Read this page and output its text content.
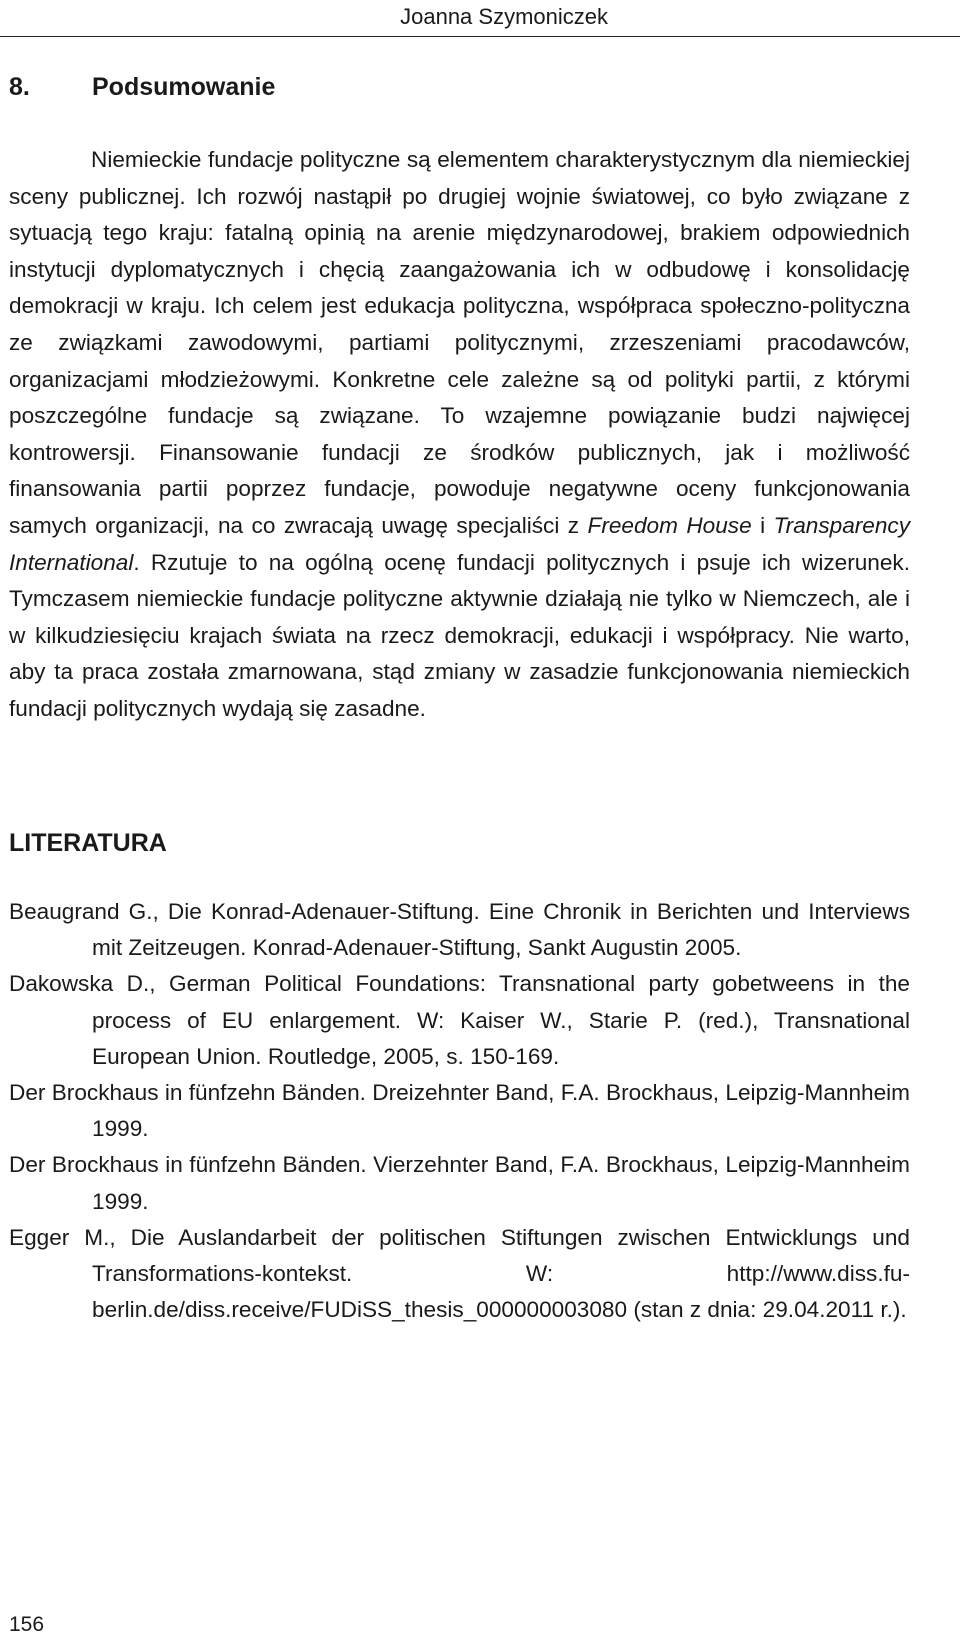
Joanna Szymoniczek
8. Podsumowanie

Niemieckie fundacje polityczne są elementem charakterystycznym dla niemieckiej sceny publicznej. Ich rozwój nastąpił po drugiej wojnie światowej, co było związane z sytuacją tego kraju: fatalną opinią na arenie międzynarodowej, brakiem odpowiednich instytucji dyplomatycznych i chęcią zaangażowania ich w odbudowę i konsolidację demokracji w kraju. Ich celem jest edukacja polityczna, współpraca społeczno-polityczna ze związkami zawodowymi, partiami politycznymi, zrzeszeniami pracodawców, organizacjami młodzieżowymi. Konkretne cele zależne są od polityki partii, z którymi poszczególne fundacje są związane. To wzajemne powiązanie budzi najwięcej kontrowersji. Finansowanie fundacji ze środków publicznych, jak i możliwość finansowania partii poprzez fundacje, powoduje negatywne oceny funkcjonowania samych organizacji, na co zwracają uwagę specjaliści z Freedom House i Transparency International. Rzutuje to na ogólną ocenę fundacji politycznych i psuje ich wizerunek. Tymczasem niemieckie fundacje polityczne aktywnie działają nie tylko w Niemczech, ale i w kilkudziesięciu krajach świata na rzecz demokracji, edukacji i współpracy. Nie warto, aby ta praca została zmarnowana, stąd zmiany w zasadzie funkcjonowania niemieckich fundacji politycznych wydają się zasadne.

LITERATURA
Beaugrand G., Die Konrad-Adenauer-Stiftung. Eine Chronik in Berichten und Interviews mit Zeitzeugen. Konrad-Adenauer-Stiftung, Sankt Augustin 2005.
Dakowska D., German Political Foundations: Transnational party gobetweens in the process of EU enlargement. W: Kaiser W., Starie P. (red.), Transnational European Union. Routledge, 2005, s. 150-169.
Der Brockhaus in fünfzehn Bänden. Dreizehnter Band, F.A. Brockhaus, Leipzig-Mannheim 1999.
Der Brockhaus in fünfzehn Bänden. Vierzehnter Band, F.A. Brockhaus, Leipzig-Mannheim 1999.
Egger M., Die Auslandarbeit der politischen Stiftungen zwischen Entwicklungs und Transformations-kontekst. W: http://www.diss.fu-berlin.de/diss.receive/FUDiSS_thesis_000000003080 (stan z dnia: 29.04.2011 r.).
156
